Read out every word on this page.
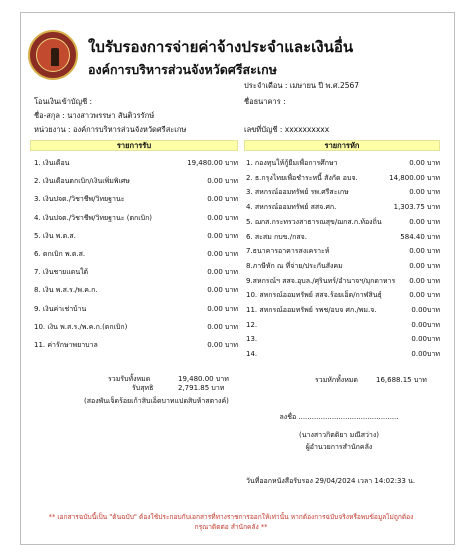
ใบรับรองการจ่ายค่าจ้างประจำและเงินอื่น
องค์การบริหารส่วนจังหวัดศรีสะเกษ
ประจำเดือน : เมษายน ปี พ.ศ.2567
ชื่อธนาคาร :
โอนเงินเข้าบัญชี :
ชื่อ-สกุล : นางสาวพรรษา สันติวรรักษ์
หน่วยงาน : องค์การบริหารส่วนจังหวัดศรีสะเกษ	เลขที่บัญชี : xxxxxxxxxx
รายการรับ	รายการหัก
1. เงินเดือน	19,480.00 บาท
2. เงินเดือนตกเบิก/เงินเพิ่มพิเศษ	0.00 บาท
3. เงินปจต./วิชาชีพ/วิทยฐานะ	0.00 บาท
4. เงินปจต./วิชาชีพ/วิทยฐานะ (ตกเบิก)	0.00 บาท
5. เงิน พ.ต.ส.	0.00 บาท
6. ตกเบิก พ.ต.ส.	0.00 บาท
7. เงินชายแดนใต้	0.00 บาท
8. เงิน พ.ส.ร./พ.ค.ก.	0.00 บาท
9. เงินค่าเช่าบ้าน	0.00 บาท
10. เงิน พ.ส.ร./พ.ค.ก.(ตกเบิก)	0.00 บาท
11. ค่ารักษาพยาบาล	0.00 บาท
1. กองทุนให้กู้ยืมเพื่อการศึกษา	0.00 บาท
2. ธ.กรุงไทยเพื่อชำระหนี้ สังกัด อบจ.	14,800.00 บาท
3. สหกรณ์ออมทรัพย์ รพ.ศรีสะเกษ	0.00 บาท
4. สหกรณ์ออมทรัพย์ สสจ.ศก.	1,303.75 บาท
5. ฌกส.กระทรวงสาธารณสุข/ฌกส.ก.ท้องถิ่น	0.00 บาท
6. สะสม กบข./กสจ.	584.40 บาท
7.ธนาคารอาคารสงเคราะห์	0.00 บาท
8.ภาษีหัก ณ ที่จ่าย/ประกันสังคม	0.00 บาท
9.สหกรณ์ฯ สสจ.อุบล./ศุรินทร์/อำนาจฯ/มุกดาหาร	0.00 บาท
10. สหกรณ์ออมทรัพย์ สสจ.ร้อยเอ็ด/กาฬสินธุ์	0.00 บาท
11. สหกรณ์ออมทรัพย์ รพช/อบจ ศก./พม.จ.	0.00บาท
12.	0.00บาท
13.	0.00บาท
14.	0.00บาท
รวมรับทั้งหมด	19,480.00 บาท
รับสุทธิ	2,791.85 บาท
(สองพันเจ็ดร้อยเก้าสิบเอ็ดบาทแปดสิบห้าสตางค์)
รวมหักทั้งหมด	16,688.15 บาท
ลงชื่อ .............................................
(นางสาวกิตติยา มณีสว่าง)
ผู้อำนวยการสำนักคลัง
วันที่ออกหนังสือรับรอง 29/04/2024 เวลา 14:02:33 น.
** เอกสารฉบับนี้เป็น "ต้นฉบับ" ต้องใช้ประกอบกับเอกสารที่ทางราชการออกให้เท่านั้น หากต้องการฉบับจริงหรือพบข้อมูลไม่ถูกต้อง
กรุณาติดต่อ สำนักคลัง **
